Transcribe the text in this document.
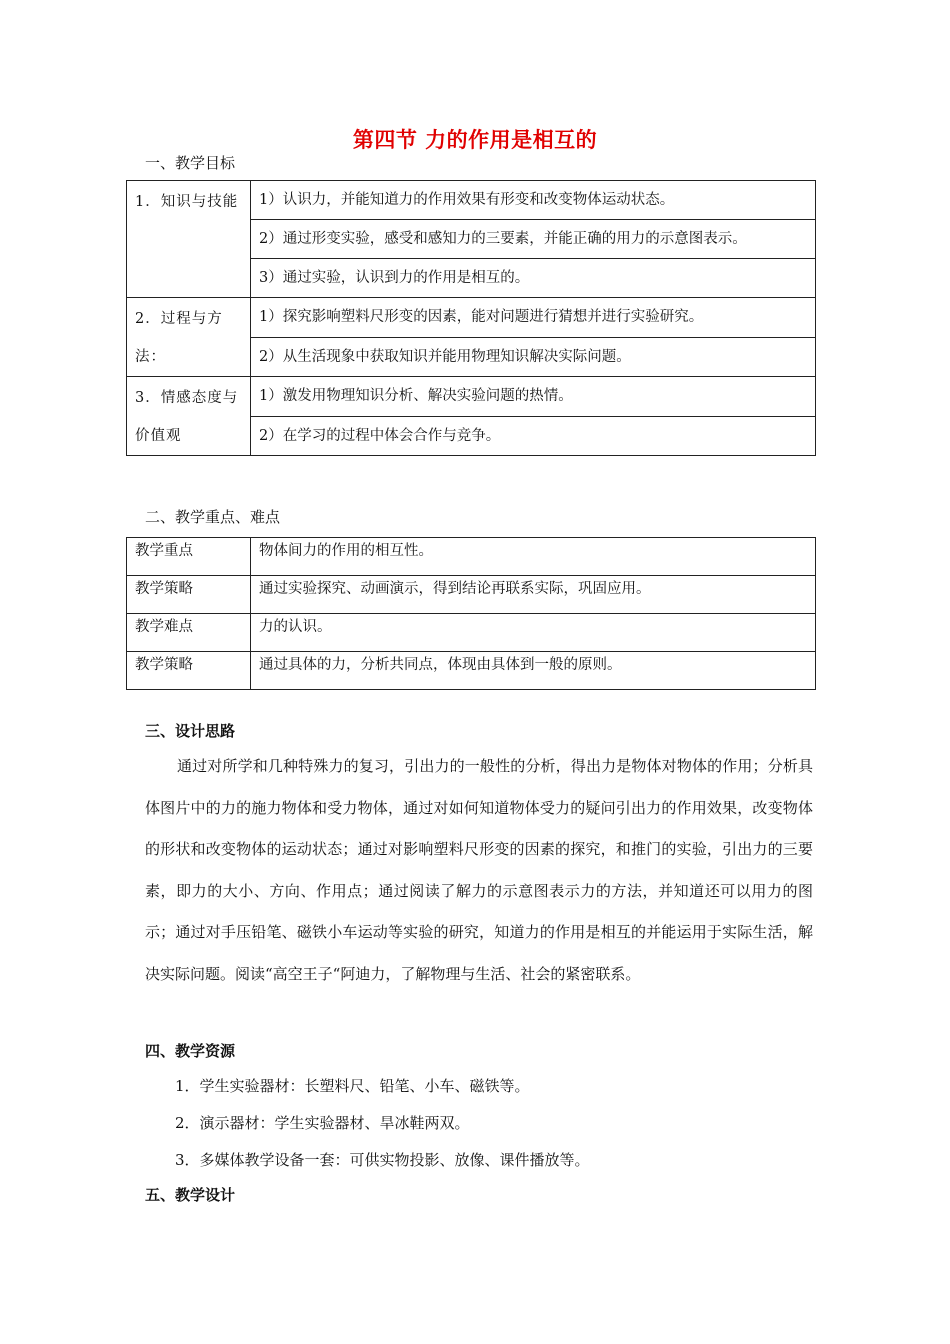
第四节 力的作用是相互的
一、教学目标
1．知识与技能	1）认识力，并能知道力的作用效果有形变和改变物体运动状态。
	2）通过形变实验，感受和感知力的三要素，并能正确的用力的示意图表示。
	3）通过实验，认识到力的作用是相互的。
2．过程与方法：	1）探究影响塑料尺形变的因素，能对问题进行猜想并进行实验研究。
	2）从生活现象中获取知识并能用物理知识解决实际问题。
3．情感态度与价值观	1）激发用物理知识分析、解决实验问题的热情。
	2）在学习的过程中体会合作与竞争。
二、教学重点、难点
教学重点	物体间力的作用的相互性。
教学策略	通过实验探究、动画演示，得到结论再联系实际，巩固应用。
教学难点	力的认识。
教学策略	通过具体的力，分析共同点，体现由具体到一般的原则。
三、设计思路
通过对所学和几种特殊力的复习，引出力的一般性的分析，得出力是物体对物体的作用；分析具体图片中的力的施力物体和受力物体，通过对如何知道物体受力的疑问引出力的作用效果，改变物体的形状和改变物体的运动状态；通过对影响塑料尺形变的因素的探究，和推门的实验，引出力的三要素，即力的大小、方向、作用点；通过阅读了解力的示意图表示力的方法，并知道还可以用力的图示；通过对手压铅笔、磁铁小车运动等实验的研究，知道力的作用是相互的并能运用于实际生活，解决实际问题。阅读“高空王子“阿迪力，了解物理与生活、社会的紧密联系。
四、教学资源
1．学生实验器材：长塑料尺、铅笔、小车、磁铁等。
2．演示器材：学生实验器材、旱冰鞋两双。
3．多媒体教学设备一套：可供实物投影、放像、课件播放等。
五、教学设计
